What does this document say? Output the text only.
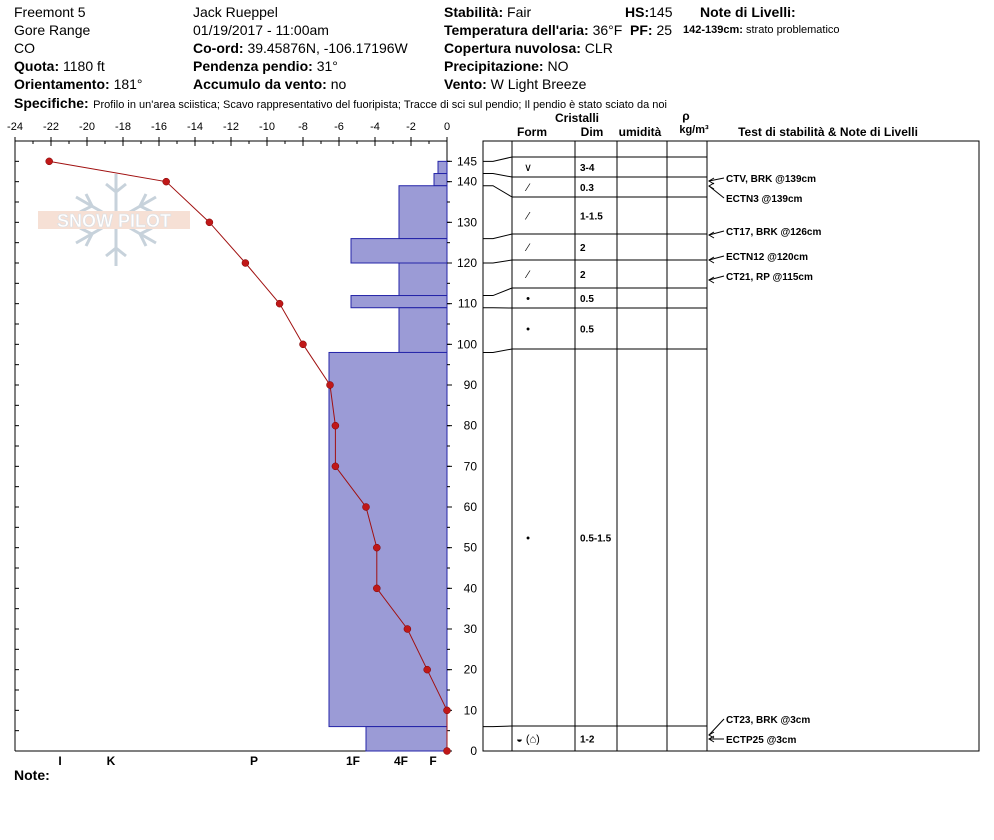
Freemont 5
Gore Range
CO
Quota: 1180 ft
Orientamento: 181°
Jack Rueppel
01/19/2017 - 11:00am
Co-ord: 39.45876N, -106.17196W
Pendenza pendio: 31°
Accumulo da vento: no
Stabilità: Fair
Temperatura dell'aria: 36°F
Copertura nuvolosa: CLR
Precipitazione: NO
Vento: W Light Breeze
HS:145
PF: 25
Note di Livelli:
142-139cm: strato problematico
Specifiche: Profilo in un'area sciistica; Scavo rappresentativo del fuoripista; Tracce di sci sul pendio; Il pendio è stato sciato da noi
Note:
SNOW PILOT
-24 -22 -20 -18 -16 -14 -12 -10 -8 -6 -4 -2	0
I	K	P	1F	4F F
0
10
20
30
40
50
60
70
80
90
100
110
120
130
140
145
Cristalli
Form	Dim umidità
ρ
kg/m³ Test di stabilità & Note di Livelli
∨	3-4
⁄	0.3
⁄	1-1.5
⁄	2
⁄	2
•	0.5
•	0.5
•	0.5-1.5
◒ (⌂)	1-2
CTV, BRK @139cm
ECTN3 @139cm
CT17, BRK @126cm
ECTN12 @120cm
CT21, RP @115cm
CT23, BRK @3cm
ECTP25 @3cm
